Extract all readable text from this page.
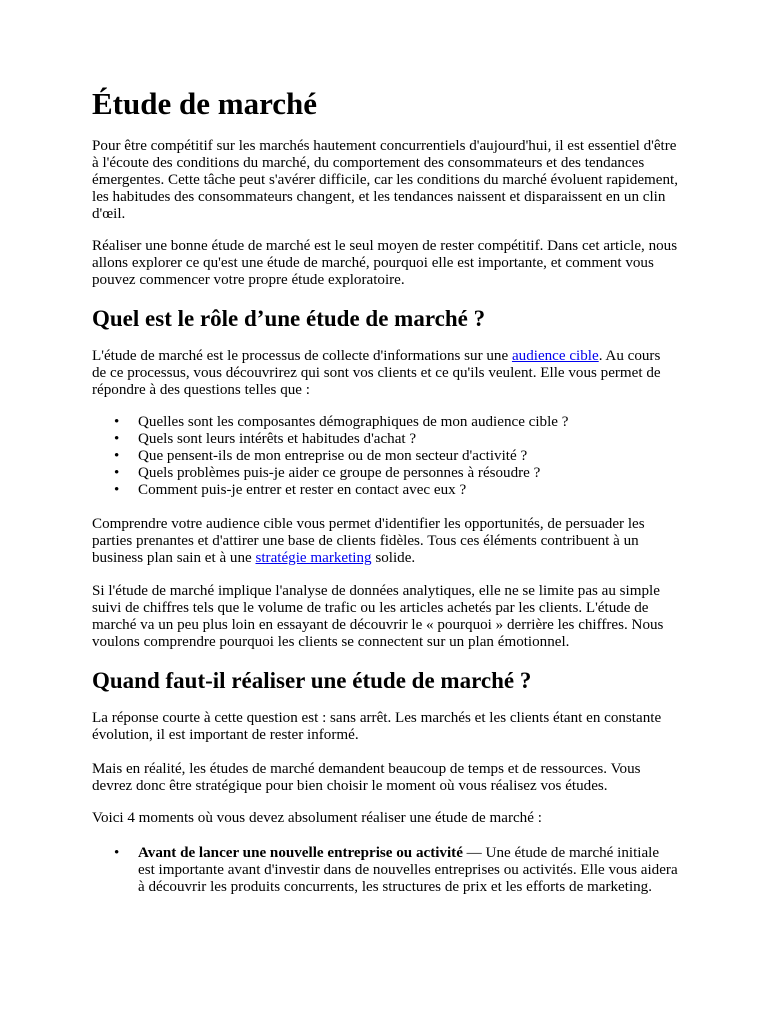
Étude de marché

Pour être compétitif sur les marchés hautement concurrentiels d'aujourd'hui, il est essentiel d'être à l'écoute des conditions du marché, du comportement des consommateurs et des tendances émergentes. Cette tâche peut s'avérer difficile, car les conditions du marché évoluent rapidement, les habitudes des consommateurs changent, et les tendances naissent et disparaissent en un clin d'œil.

Réaliser une bonne étude de marché est le seul moyen de rester compétitif. Dans cet article, nous allons explorer ce qu'est une étude de marché, pourquoi elle est importante, et comment vous pouvez commencer votre propre étude exploratoire.

Quel est le rôle d’une étude de marché ?

L'étude de marché est le processus de collecte d'informations sur une audience cible. Au cours de ce processus, vous découvrirez qui sont vos clients et ce qu'ils veulent. Elle vous permet de répondre à des questions telles que :

• Quelles sont les composantes démographiques de mon audience cible ?
• Quels sont leurs intérêts et habitudes d'achat ?
• Que pensent-ils de mon entreprise ou de mon secteur d'activité ?
• Quels problèmes puis-je aider ce groupe de personnes à résoudre ?
• Comment puis-je entrer et rester en contact avec eux ?

Comprendre votre audience cible vous permet d'identifier les opportunités, de persuader les parties prenantes et d'attirer une base de clients fidèles. Tous ces éléments contribuent à un business plan sain et à une stratégie marketing solide.

Si l'étude de marché implique l'analyse de données analytiques, elle ne se limite pas au simple suivi de chiffres tels que le volume de trafic ou les articles achetés par les clients. L'étude de marché va un peu plus loin en essayant de découvrir le « pourquoi » derrière les chiffres. Nous voulons comprendre pourquoi les clients se connectent sur un plan émotionnel.

Quand faut-il réaliser une étude de marché ?

La réponse courte à cette question est : sans arrêt. Les marchés et les clients étant en constante évolution, il est important de rester informé.

Mais en réalité, les études de marché demandent beaucoup de temps et de ressources. Vous devrez donc être stratégique pour bien choisir le moment où vous réalisez vos études.

Voici 4 moments où vous devez absolument réaliser une étude de marché :

• Avant de lancer une nouvelle entreprise ou activité — Une étude de marché initiale est importante avant d'investir dans de nouvelles entreprises ou activités. Elle vous aidera à découvrir les produits concurrents, les structures de prix et les efforts de marketing.
